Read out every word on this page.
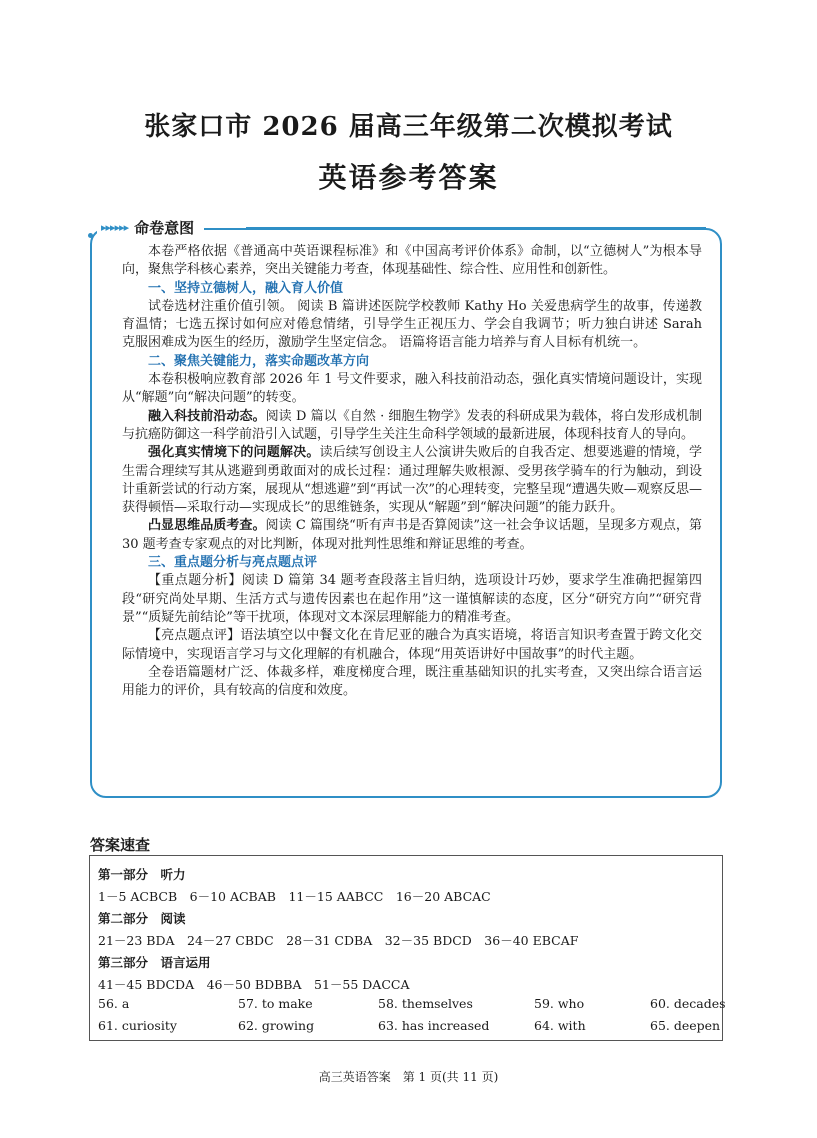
张家口市 2026 届高三年级第二次模拟考试
英语参考答案
▸▸▸▸▸▸ 命卷意图

本卷严格依据《普通高中英语课程标准》和《中国高考评价体系》命制，以“立德树人”为根本导向，聚焦学科核心素养，突出关键能力考查，体现基础性、综合性、应用性和创新性。

一、坚持立德树人，融入育人价值

试卷选材注重价值引领。 阅读 B 篇讲述医院学校教师 Kathy Ho 关爱患病学生的故事，传递教育温情；七选五探讨如何应对倦怠情绪，引导学生正视压力、学会自我调节；听力独白讲述 Sarah 克服困难成为医生的经历，激励学生坚定信念。 语篇将语言能力培养与育人目标有机统一。

二、聚焦关键能力，落实命题改革方向

本卷积极响应教育部 2026 年 1 号文件要求，融入科技前沿动态，强化真实情境问题设计，实现从“解题”向“解决问题”的转变。

融入科技前沿动态。阅读 D 篇以《自然 · 细胞生物学》发表的科研成果为载体，将白发形成机制与抗癌防御这一科学前沿引入试题，引导学生关注生命科学领域的最新进展，体现科技育人的导向。

强化真实情境下的问题解决。读后续写创设主人公演讲失败后的自我否定、想要逃避的情境，学生需合理续写其从逃避到勇敢面对的成长过程：通过理解失败根源、受男孩学骑车的行为触动，到设计重新尝试的行动方案，展现从“想逃避”到“再试一次”的心理转变，完整呈现“遭遇失败—观察反思—获得顿悟—采取行动—实现成长”的思维链条，实现从“解题”到“解决问题”的能力跃升。

凸显思维品质考查。阅读 C 篇围绕“听有声书是否算阅读”这一社会争议话题，呈现多方观点，第 30 题考查专家观点的对比判断，体现对批判性思维和辩证思维的考查。

三、重点题分析与亮点题点评

【重点题分析】阅读 D 篇第 34 题考查段落主旨归纳，选项设计巧妙，要求学生准确把握第四段“研究尚处早期、生活方式与遗传因素也在起作用”这一谨慎解读的态度，区分“研究方向”“研究背景”“质疑先前结论”等干扰项，体现对文本深层理解能力的精准考查。

【亮点题点评】语法填空以中餐文化在肯尼亚的融合为真实语境，将语言知识考查置于跨文化交际情境中，实现语言学习与文化理解的有机融合，体现“用英语讲好中国故事”的时代主题。

全卷语篇题材广泛、体裁多样，难度梯度合理，既注重基础知识的扎实考查，又突出综合语言运用能力的评价，具有较高的信度和效度。

答案速查
第一部分　听力
1－5 ACBCB　6－10 ACBAB　11－15 AABCC　16－20 ABCAC
第二部分　阅读
21－23 BDA　24－27 CBDC　28－31 CDBA　32－35 BDCD　36－40 EBCAF
第三部分　语言运用
41－45 BDCDA　46－50 BDBBA　51－55 DACCA
56. a	57. to make	58. themselves	59. who	60. decades
61. curiosity	62. growing	63. has increased	64. with	65. deepen
高三英语答案　第 1 页(共 11 页)
